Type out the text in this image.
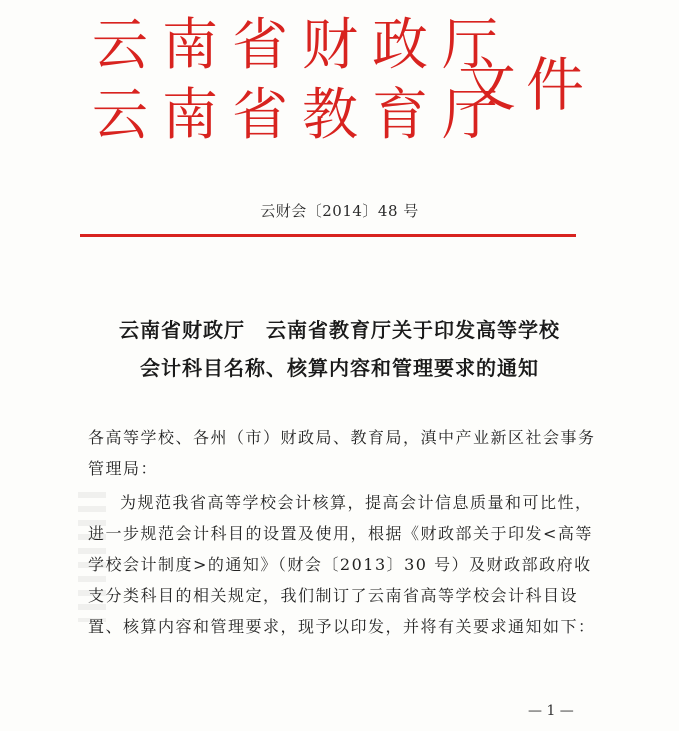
云南省财政厅
云南省教育厅
文件
云财会〔2014〕48 号
云南省财政厅　云南省教育厅关于印发高等学校
会计科目名称、核算内容和管理要求的通知
各高等学校、各州（市）财政局、教育局，滇中产业新区社会事务管理局：
为规范我省高等学校会计核算，提高会计信息质量和可比性，进一步规范会计科目的设置及使用，根据《财政部关于印发<高等学校会计制度>的通知》（财会〔2013〕30 号）及财政部政府收支分类科目的相关规定，我们制订了云南省高等学校会计科目设置、核算内容和管理要求，现予以印发，并将有关要求通知如下：
— 1 —
